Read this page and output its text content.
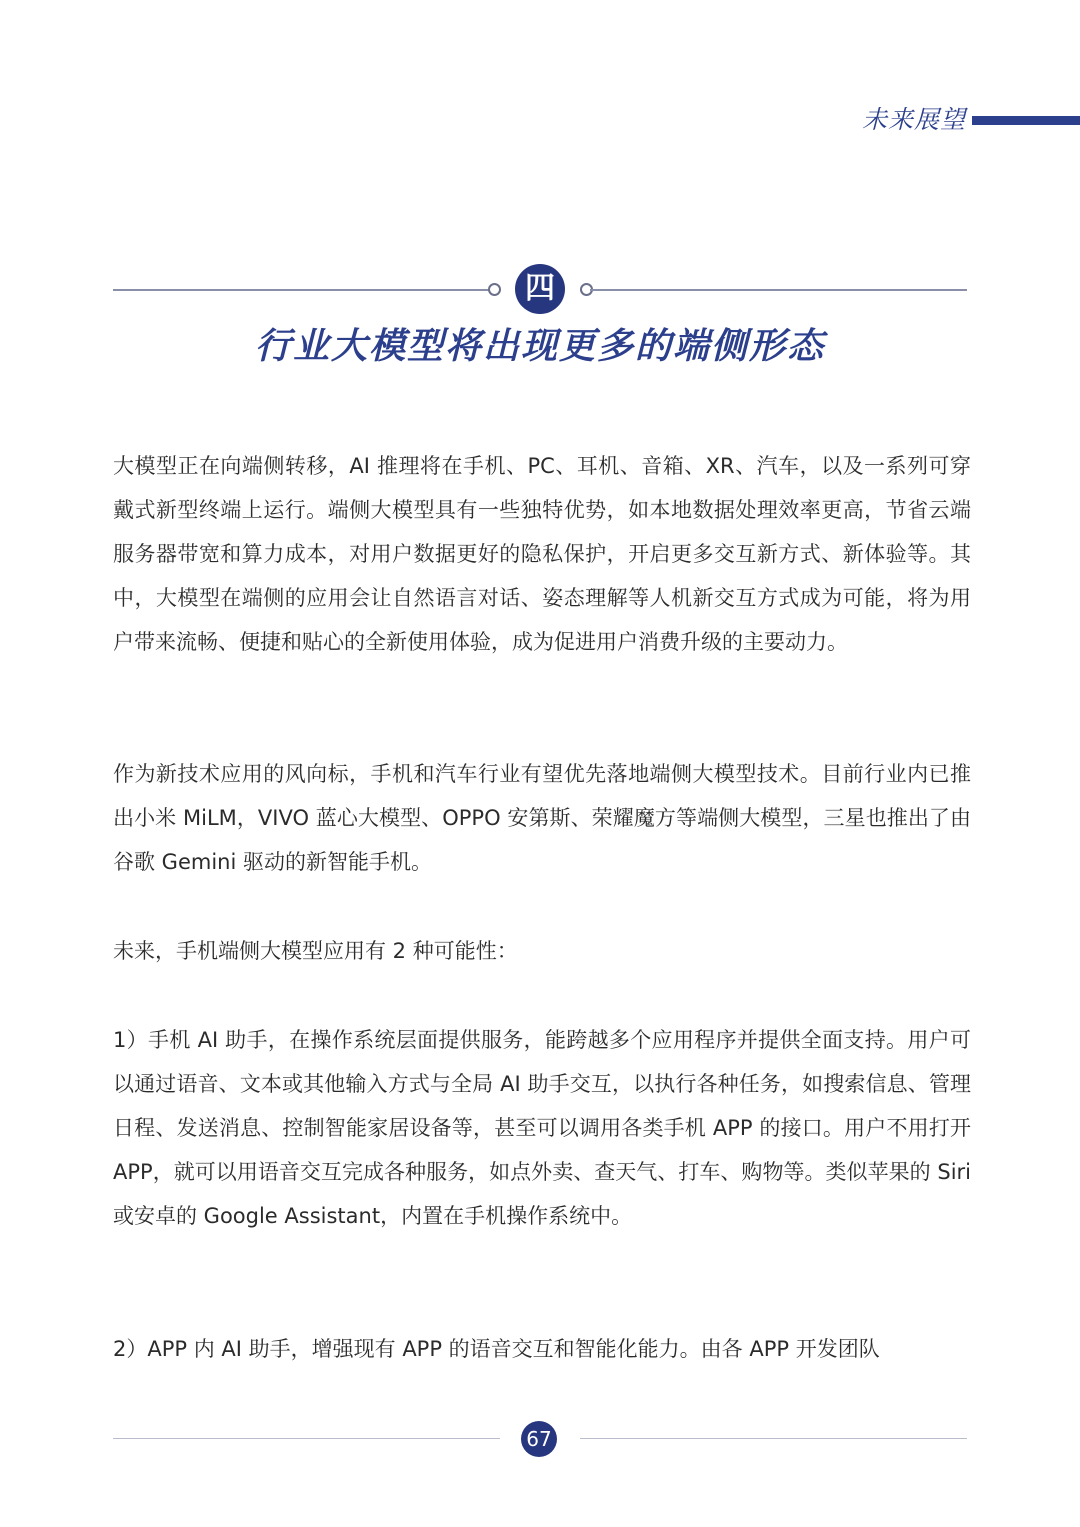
未来展望
四
行业大模型将出现更多的端侧形态

大模型正在向端侧转移，AI 推理将在手机、PC、耳机、音箱、XR、汽车，以及一系列可穿戴式新型终端上运行。端侧大模型具有一些独特优势，如本地数据处理效率更高，节省云端服务器带宽和算力成本，对用户数据更好的隐私保护，开启更多交互新方式、新体验等。其中，大模型在端侧的应用会让自然语言对话、姿态理解等人机新交互方式成为可能，将为用户带来流畅、便捷和贴心的全新使用体验，成为促进用户消费升级的主要动力。

作为新技术应用的风向标，手机和汽车行业有望优先落地端侧大模型技术。目前行业内已推出小米 MiLM，VIVO 蓝心大模型、OPPO 安第斯、荣耀魔方等端侧大模型，三星也推出了由谷歌 Gemini 驱动的新智能手机。

未来，手机端侧大模型应用有 2 种可能性：

1）手机 AI 助手，在操作系统层面提供服务，能跨越多个应用程序并提供全面支持。用户可以通过语音、文本或其他输入方式与全局 AI 助手交互，以执行各种任务，如搜索信息、管理日程、发送消息、控制智能家居设备等，甚至可以调用各类手机 APP 的接口。用户不用打开 APP，就可以用语音交互完成各种服务，如点外卖、查天气、打车、购物等。类似苹果的 Siri 或安卓的 Google Assistant，内置在手机操作系统中。

2）APP 内 AI 助手，增强现有 APP 的语音交互和智能化能力。由各 APP 开发团队

67
